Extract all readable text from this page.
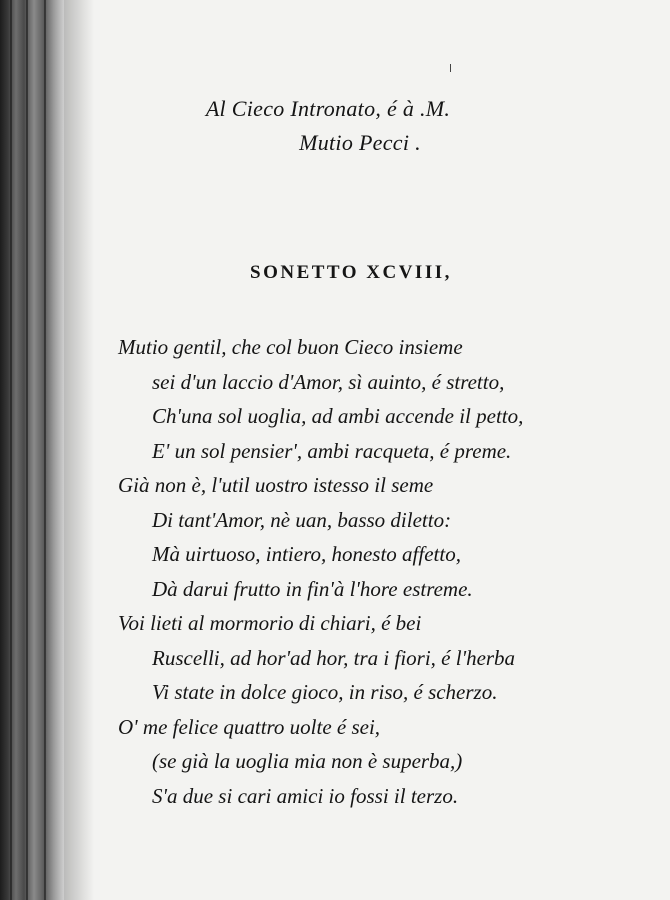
Al Cieco Intronato, é à .M.
Mutio Pecci .
SONETTO XCVIII,
Mutio gentil, che col buon Cieco insieme
sei d'un laccio d'Amor, sì auinto, é stretto,
Ch'una sol uoglia, ad ambi accende il petto,
E' un sol pensier', ambi racqueta, é preme.
Già non è, l'util uostro istesso il seme
Di tant'Amor, nè uan, basso diletto:
Mà uirtuoso, intiero, honesto affetto,
Dà darui frutto in fin'à l'hore estreme.
Voi lieti al mormorio di chiari, é bei
Ruscelli, ad hor'ad hor, tra i fiori, é l'herba
Vi state in dolce gioco, in riso, é scherzo.
O' me felice quattro uolte é sei,
(se già la uoglia mia non è superba,)
S'a due si cari amici io fossi il terzo.
